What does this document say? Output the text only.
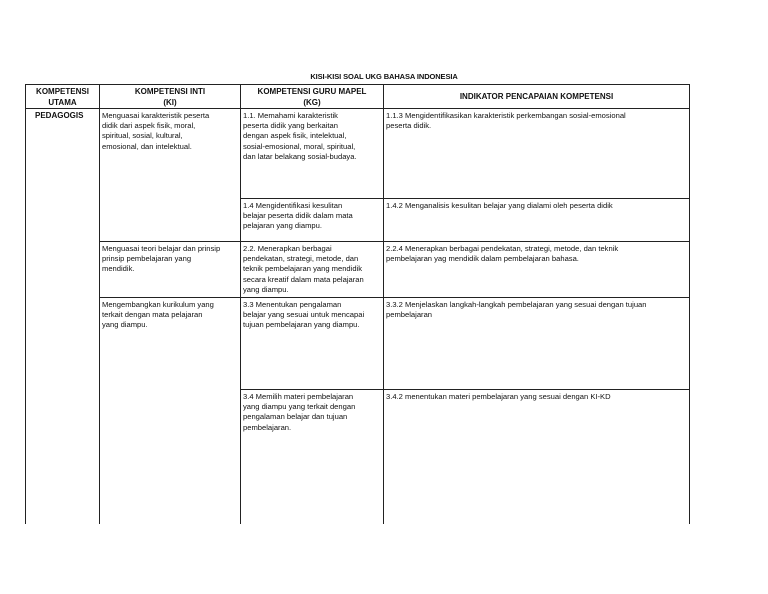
KISI-KISI SOAL UKG BAHASA INDONESIA
KOMPETENSI
UTAMA
KOMPETENSI INTI
(KI)
KOMPETENSI GURU MAPEL
(KG)
INDIKATOR PENCAPAIAN KOMPETENSI
PEDAGOGIS Menguasai karakteristik peserta
didik dari aspek fisik, moral,
spiritual, sosial, kultural,
emosional, dan intelektual.
Menguasai teori belajar dan prinsip
prinsip pembelajaran yang
mendidik.
Mengembangkan kurikulum yang
terkait dengan mata pelajaran
yang diampu.
1.1. Memahami karakteristik
peserta didik yang berkaitan
dengan aspek fisik, intelektual,
sosial-emosional, moral, spiritual,
dan latar belakang sosial-budaya.
1.4 Mengidentifikasi kesulitan
belajar peserta didik dalam mata
pelajaran yang diampu.
2.2. Menerapkan berbagai
pendekatan, strategi, metode, dan
teknik pembelajaran yang mendidik
secara kreatif dalam mata pelajaran
yang diampu.
3.3 Menentukan pengalaman
belajar yang sesuai untuk mencapai
tujuan pembelajaran yang diampu.
3.4 Memilih materi pembelajaran
yang diampu yang terkait dengan
pengalaman belajar dan tujuan
pembelajaran.
1.1.3 Mengidentifikasikan karakteristik perkembangan sosial-emosional
peserta didik.
1.4.2 Menganalisis kesulitan belajar yang dialami oleh peserta didik
2.2.4 Menerapkan berbagai pendekatan, strategi, metode, dan teknik
pembelajaran yag mendidik dalam pembelajaran bahasa.
3.3.2 Menjelaskan langkah-langkah pembelajaran yang sesuai dengan tujuan
pembelajaran
3.4.2 menentukan materi pembelajaran yang sesuai dengan KI-KD
